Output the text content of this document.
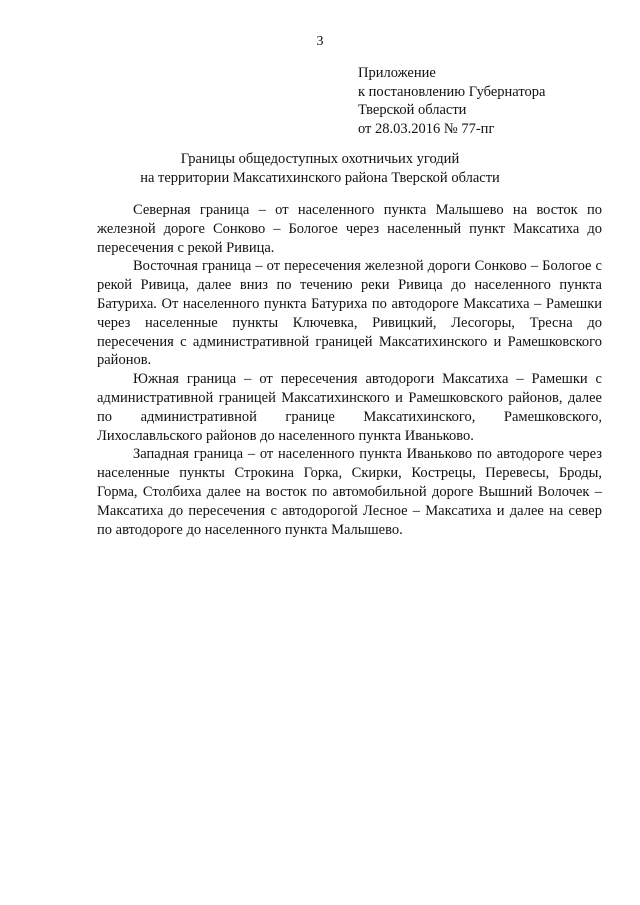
3
Приложение
к постановлению Губернатора
Тверской области
от 28.03.2016 № 77-пг
Границы общедоступных охотничьих угодий
на территории Максатихинского района Тверской области

Северная граница – от населенного пункта Малышево на восток по железной дороге Сонково – Бологое через населенный пункт Максатиха до пересечения с рекой Ривица.

Восточная граница – от пересечения железной дороги Сонково – Бологое с рекой Ривица, далее вниз по течению реки Ривица до населенного пункта Батуриха. От населенного пункта Батуриха по автодороге Максатиха – Рамешки через населенные пункты Ключевка, Ривицкий, Лесогоры, Тресна до пересечения с административной границей Максатихинского и Рамешковского районов.

Южная граница – от пересечения автодороги Максатиха – Рамешки с административной границей Максатихинского и Рамешковского районов, далее по административной границе Максатихинского, Рамешковского, Лихославльского районов до населенного пункта Иваньково.

Западная граница – от населенного пункта Иваньково по автодороге через населенные пункты Строкина Горка, Скирки, Кострецы, Перевесы, Броды, Горма, Столбиха далее на восток по автомобильной дороге Вышний Волочек – Максатиха до пересечения с автодорогой Лесное – Максатиха и далее на север по автодороге до населенного пункта Малышево.
